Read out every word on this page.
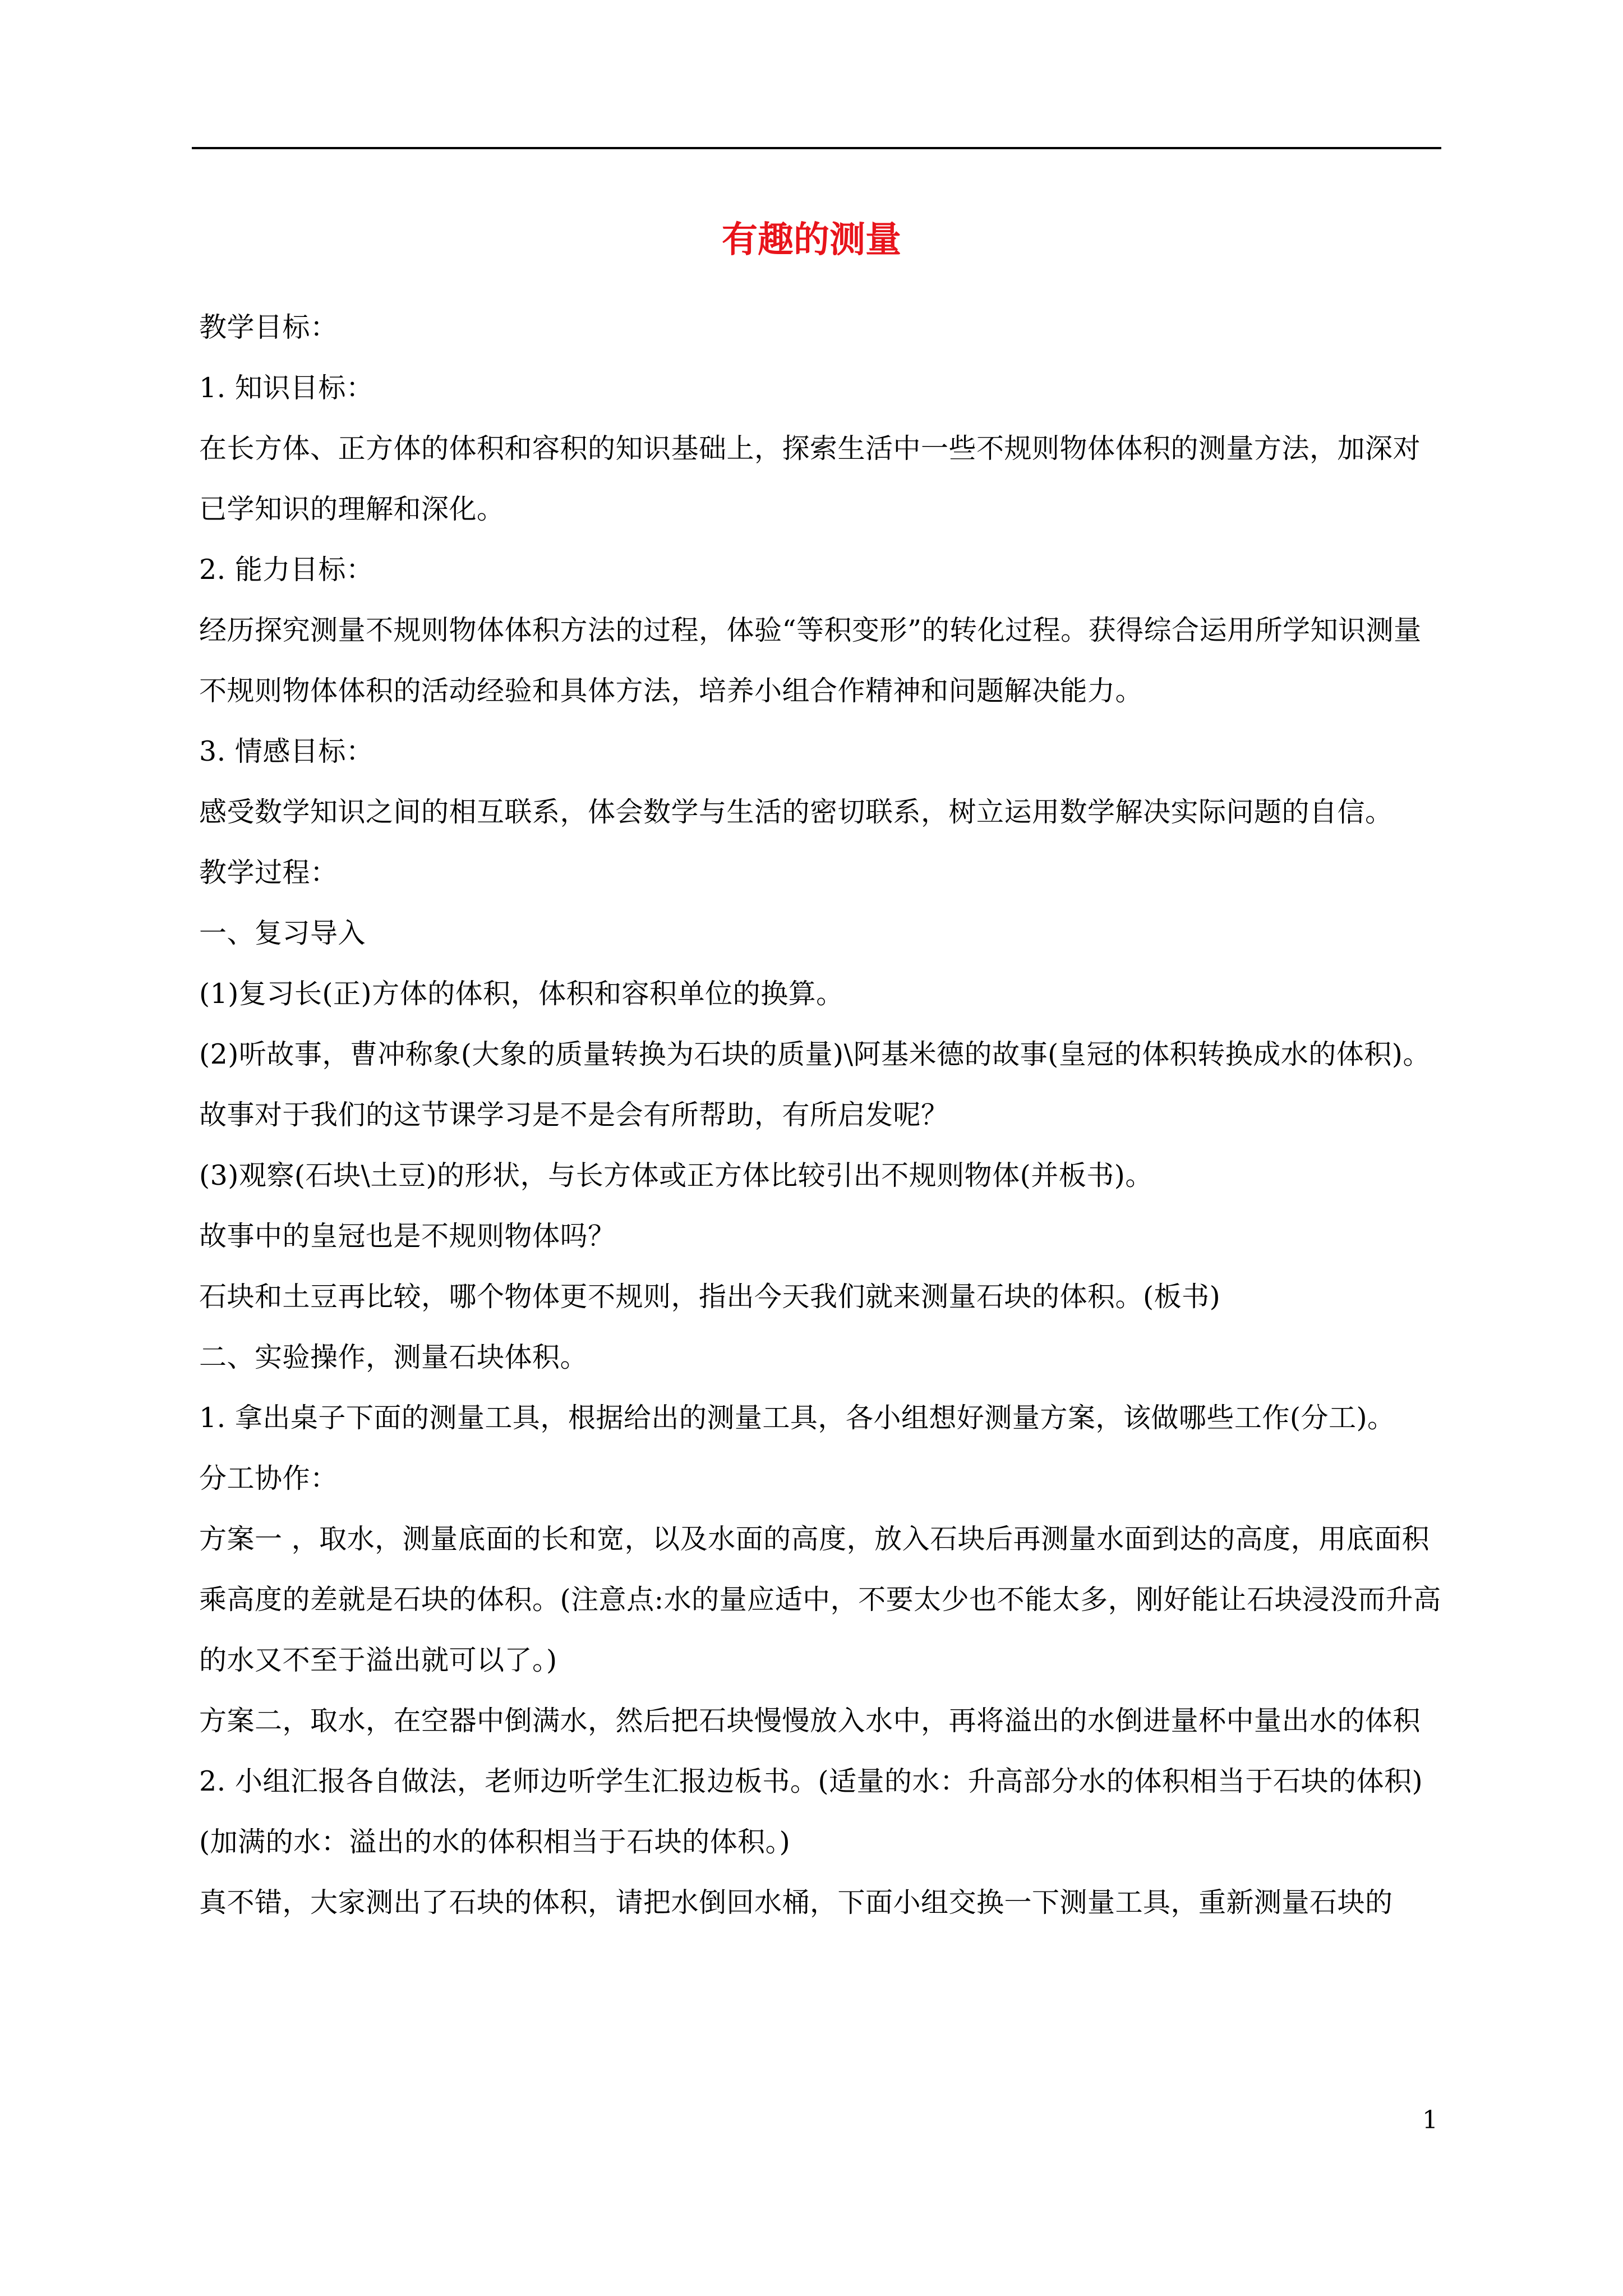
有趣的测量

教学目标：

1. 知识目标：

在长方体、正方体的体积和容积的知识基础上，探索生活中一些不规则物体体积的测量方法，加深对已学知识的理解和深化。

2. 能力目标：

经历探究测量不规则物体体积方法的过程，体验“等积变形”的转化过程。获得综合运用所学知识测量不规则物体体积的活动经验和具体方法，培养小组合作精神和问题解决能力。

3. 情感目标：

感受数学知识之间的相互联系，体会数学与生活的密切联系，树立运用数学解决实际问题的自信。

教学过程：

一、复习导入

(1)复习长(正)方体的体积，体积和容积单位的换算。

(2)听故事，曹冲称象(大象的质量转换为石块的质量)\阿基米德的故事(皇冠的体积转换成水的体积)。故事对于我们的这节课学习是不是会有所帮助，有所启发呢？

(3)观察(石块\土豆)的形状，与长方体或正方体比较引出不规则物体(并板书)。

故事中的皇冠也是不规则物体吗？

石块和土豆再比较，哪个物体更不规则，指出今天我们就来测量石块的体积。(板书)

二、实验操作，测量石块体积。

1. 拿出桌子下面的测量工具，根据给出的测量工具，各小组想好测量方案，该做哪些工作(分工)。

分工协作：

方案一 ，取水，测量底面的长和宽，以及水面的高度，放入石块后再测量水面到达的高度，用底面积乘高度的差就是石块的体积。(注意点:水的量应适中，不要太少也不能太多，刚好能让石块浸没而升高的水又不至于溢出就可以了。)

方案二，取水，在空器中倒满水，然后把石块慢慢放入水中，再将溢出的水倒进量杯中量出水的体积

2. 小组汇报各自做法，老师边听学生汇报边板书。(适量的水：升高部分水的体积相当于石块的体积)(加满的水：溢出的水的体积相当于石块的体积。)

真不错，大家测出了石块的体积，请把水倒回水桶，下面小组交换一下测量工具，重新测量石块的

1
